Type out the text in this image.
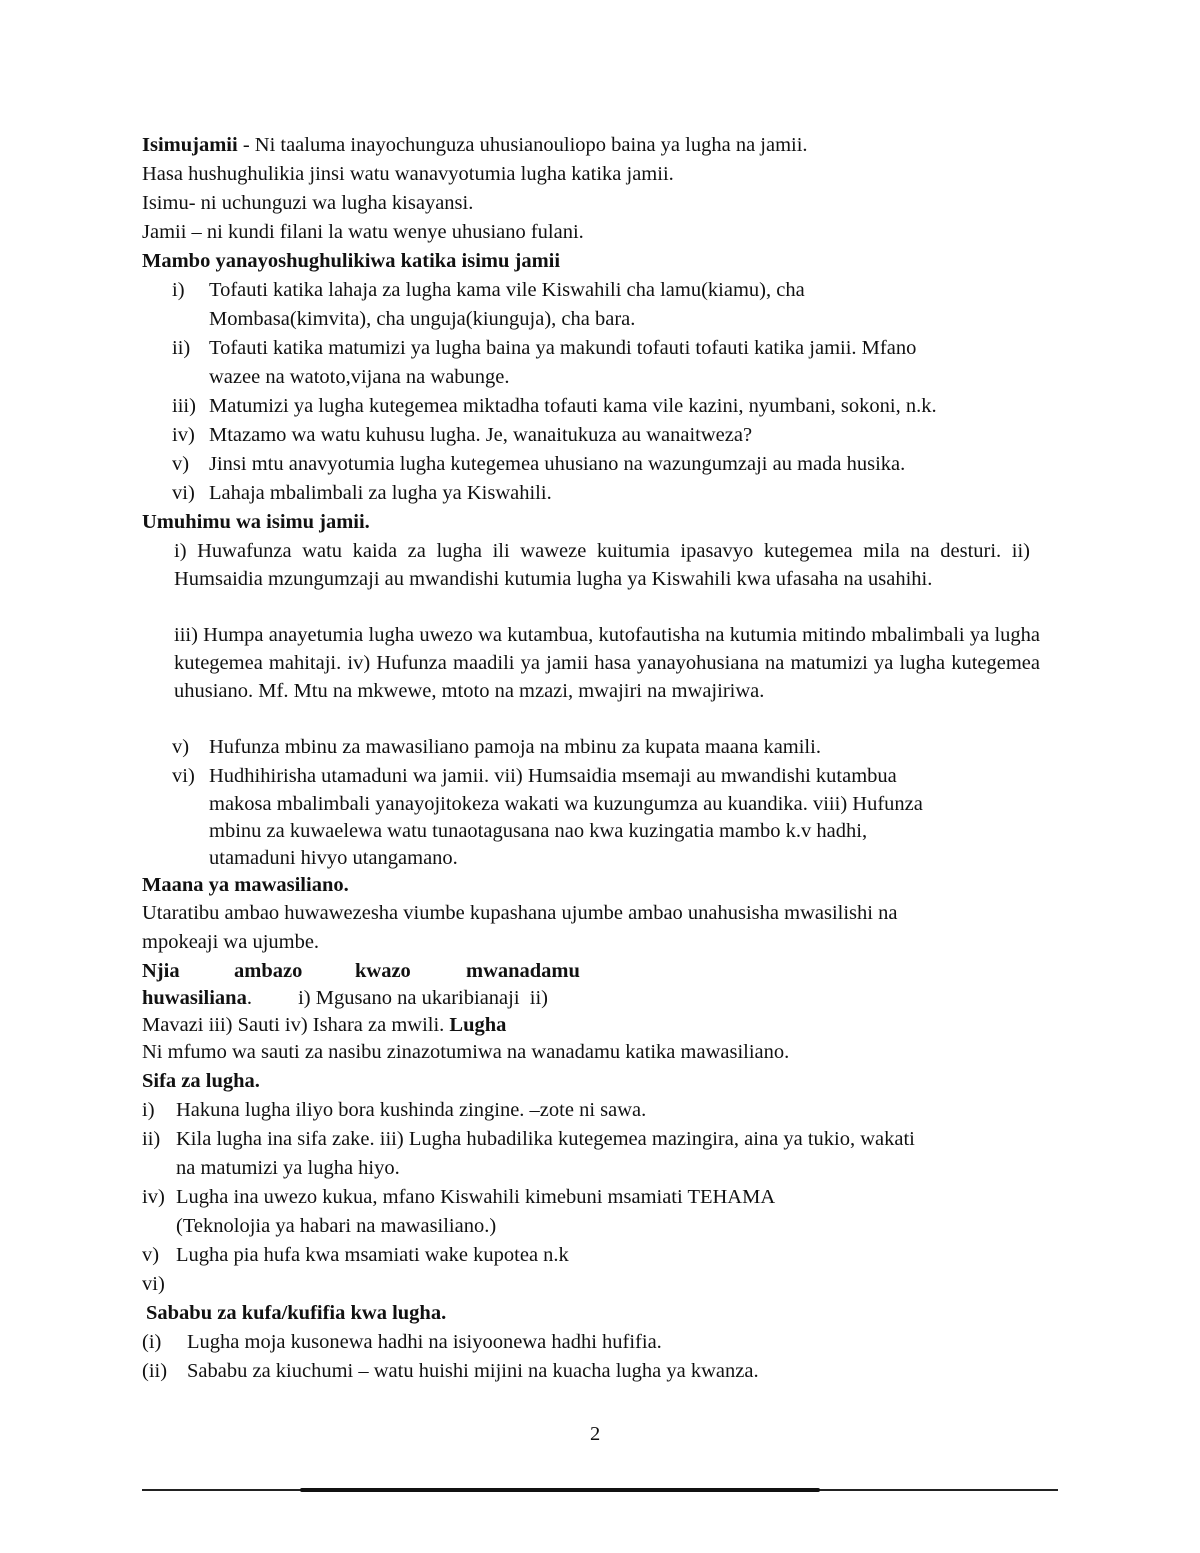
Isimujamii - Ni taaluma inayochunguza uhusianouliopo baina ya lugha na jamii.
Hasa hushughulikia jinsi watu wanavyotumia lugha katika jamii.
Isimu- ni uchunguzi wa lugha kisayansi.
Jamii – ni kundi filani la watu wenye uhusiano fulani.
Mambo yanayoshughulikiwa katika isimu jamii
i) Tofauti katika lahaja za lugha kama vile Kiswahili cha lamu(kiamu), cha
Mombasa(kimvita), cha unguja(kiunguja), cha bara.
ii) Tofauti katika matumizi ya lugha baina ya makundi tofauti tofauti katika jamii. Mfano
wazee na watoto,vijana na wabunge.
iii) Matumizi ya lugha kutegemea miktadha tofauti kama vile kazini, nyumbani, sokoni, n.k.
iv) Mtazamo wa watu kuhusu lugha. Je, wanaitukuza au wanaitweza?
v) Jinsi mtu anavyotumia lugha kutegemea uhusiano na wazungumzaji au mada husika.
vi) Lahaja mbalimbali za lugha ya Kiswahili.
Umuhimu wa isimu jamii.
i) Huwafunza watu kaida za lugha ili waweze kuitumia ipasavyo kutegemea mila na desturi. ii) Humsaidia mzungumzaji au mwandishi kutumia lugha ya Kiswahili kwa ufasaha na usahihi.
iii) Humpa anayetumia lugha uwezo wa kutambua, kutofautisha na kutumia mitindo mbalimbali ya lugha kutegemea mahitaji. iv) Hufunza maadili ya jamii hasa yanayohusiana na matumizi ya lugha kutegemea uhusiano. Mf. Mtu na mkwewe, mtoto na mzazi, mwajiri na mwajiriwa.
v) Hufunza mbinu za mawasiliano pamoja na mbinu za kupata maana kamili.
vi) Hudhihirisha utamaduni wa jamii. vii) Humsaidia msemaji au mwandishi kutambua
makosa mbalimbali yanayojitokeza wakati wa kuzungumza au kuandika. viii) Hufunza
mbinu za kuwaelewa watu tunaotagusana nao kwa kuzingatia mambo k.v hadhi,
utamaduni hivyo utangamano.
Maana ya mawasiliano.
Utaratibu ambao huwawezesha viumbe kupashana ujumbe ambao unahusisha mwasilishi na
mpokeaji wa ujumbe.
Njia	ambazo	kwazo	mwanadamu
huwasiliana.         i) Mgusano na ukaribianaji  ii)
Mavazi iii) Sauti iv) Ishara za mwili. Lugha
Ni mfumo wa sauti za nasibu zinazotumiwa na wanadamu katika mawasiliano.
Sifa za lugha.
i) Hakuna lugha iliyo bora kushinda zingine. –zote ni sawa.
ii) Kila lugha ina sifa zake. iii) Lugha hubadilika kutegemea mazingira, aina ya tukio, wakati
na matumizi ya lugha hiyo.
iv) Lugha ina uwezo kukua, mfano Kiswahili kimebuni msamiati TEHAMA
(Teknolojia ya habari na mawasiliano.)
v) Lugha pia hufa kwa msamiati wake kupotea n.k
vi)
Sababu za kufa/kufifia kwa lugha.
(i) Lugha moja kusonewa hadhi na isiyoonewa hadhi hufifia.
(ii) Sababu za kiuchumi – watu huishi mijini na kuacha lugha ya kwanza.
2
